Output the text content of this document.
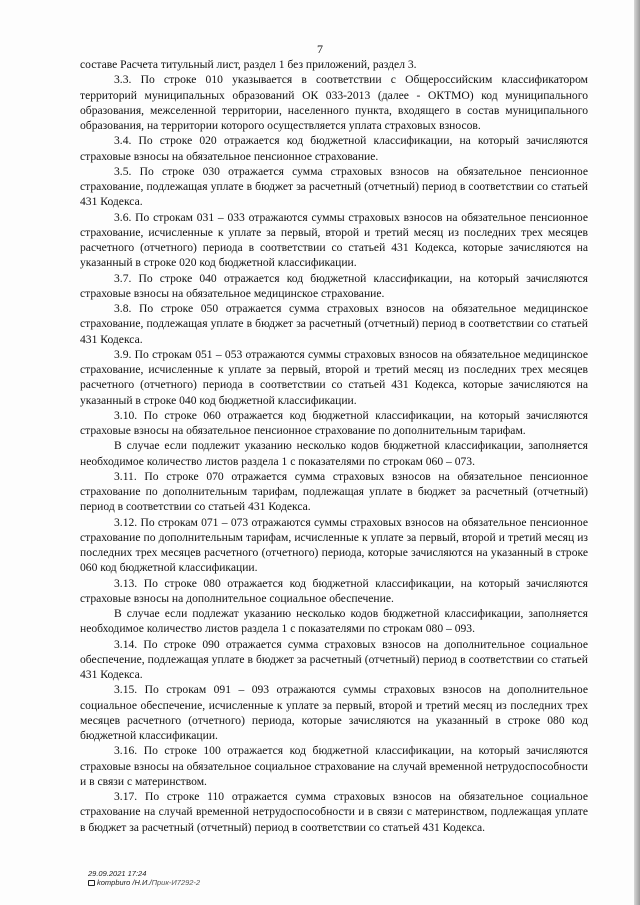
7

составе Расчета титульный лист, раздел 1 без приложений, раздел 3.

3.3. По строке 010 указывается в соответствии с Общероссийским классификатором территорий муниципальных образований ОК 033-2013 (далее - ОКТМО) код муниципального образования, межселенной территории, населенного пункта, входящего в состав муниципального образования, на территории которого осуществляется уплата страховых взносов.

3.4. По строке 020 отражается код бюджетной классификации, на который зачисляются страховые взносы на обязательное пенсионное страхование.

3.5. По строке 030 отражается сумма страховых взносов на обязательное пенсионное страхование, подлежащая уплате в бюджет за расчетный (отчетный) период в соответствии со статьей 431 Кодекса.

3.6. По строкам 031 – 033 отражаются суммы страховых взносов на обязательное пенсионное страхование, исчисленные к уплате за первый, второй и третий месяц из последних трех месяцев расчетного (отчетного) периода в соответствии со статьей 431 Кодекса, которые зачисляются на указанный в строке 020 код бюджетной классификации.

3.7. По строке 040 отражается код бюджетной классификации, на который зачисляются страховые взносы на обязательное медицинское страхование.

3.8. По строке 050 отражается сумма страховых взносов на обязательное медицинское страхование, подлежащая уплате в бюджет за расчетный (отчетный) период в соответствии со статьей 431 Кодекса.

3.9. По строкам 051 – 053 отражаются суммы страховых взносов на обязательное медицинское страхование, исчисленные к уплате за первый, второй и третий месяц из последних трех месяцев расчетного (отчетного) периода в соответствии со статьей 431 Кодекса, которые зачисляются на указанный в строке 040 код бюджетной классификации.

3.10. По строке 060 отражается код бюджетной классификации, на который зачисляются страховые взносы на обязательное пенсионное страхование по дополнительным тарифам.

В случае если подлежит указанию несколько кодов бюджетной классификации, заполняется необходимое количество листов раздела 1 с показателями по строкам 060 – 073.

3.11. По строке 070 отражается сумма страховых взносов на обязательное пенсионное страхование по дополнительным тарифам, подлежащая уплате в бюджет за расчетный (отчетный) период в соответствии со статьей 431 Кодекса.

3.12. По строкам 071 – 073 отражаются суммы страховых взносов на обязательное пенсионное страхование по дополнительным тарифам, исчисленные к уплате за первый, второй и третий месяц из последних трех месяцев расчетного (отчетного) периода, которые зачисляются на указанный в строке 060 код бюджетной классификации.

3.13. По строке 080 отражается код бюджетной классификации, на который зачисляются страховые взносы на дополнительное социальное обеспечение.

В случае если подлежат указанию несколько кодов бюджетной классификации, заполняется необходимое количество листов раздела 1 с показателями по строкам 080 – 093.

3.14. По строке 090 отражается сумма страховых взносов на дополнительное социальное обеспечение, подлежащая уплате в бюджет за расчетный (отчетный) период в соответствии со статьей 431 Кодекса.

3.15. По строкам 091 – 093 отражаются суммы страховых взносов на дополнительное социальное обеспечение, исчисленные к уплате за первый, второй и третий месяц из последних трех месяцев расчетного (отчетного) периода, которые зачисляются на указанный в строке 080 код бюджетной классификации.

3.16. По строке 100 отражается код бюджетной классификации, на который зачисляются страховые взносы на обязательное социальное страхование на случай временной нетрудоспособности и в связи с материнством.

3.17. По строке 110 отражается сумма страховых взносов на обязательное социальное страхование на случай временной нетрудоспособности и в связи с материнством, подлежащая уплате в бюджет за расчетный (отчетный) период в соответствии со статьей 431 Кодекса.

29.09.2021 17:24
kompburo /Н.И./Прик-И7292-2
